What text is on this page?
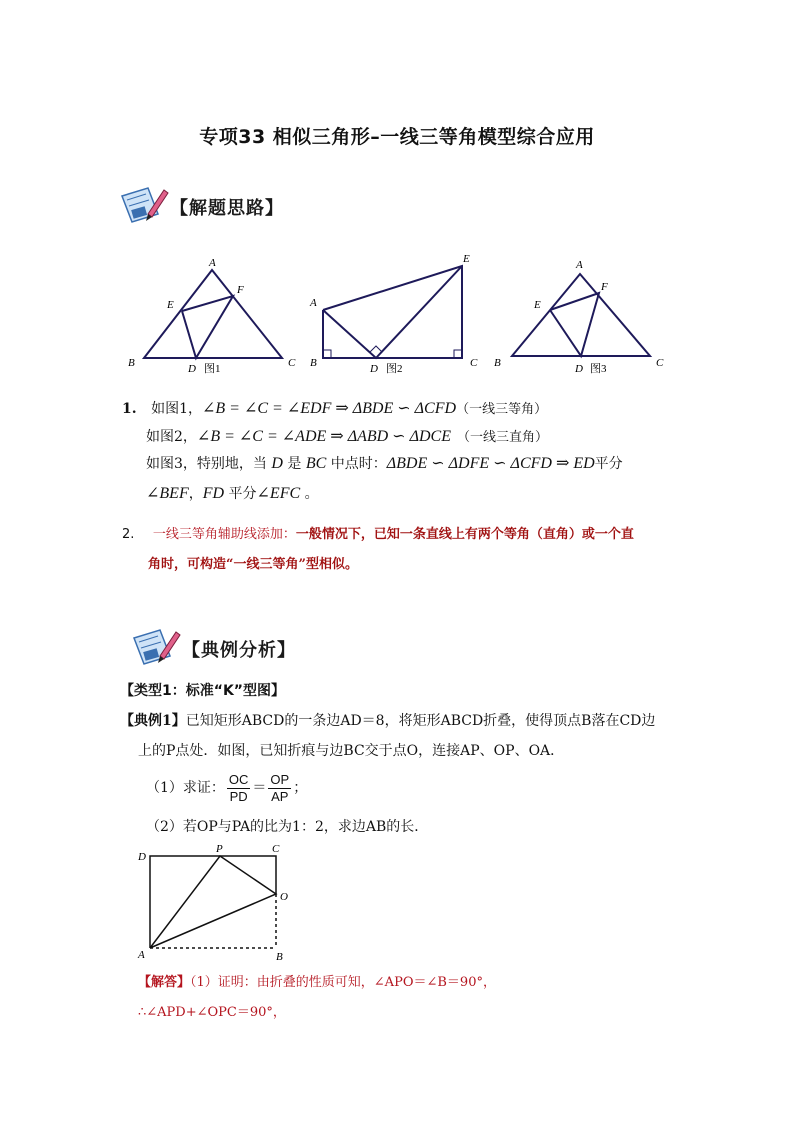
专项33 相似三角形–一线三等角模型综合应用
【解题思路】
A
B	C
D
E
F
图1
A
B	C
D
E
图2
A
B	C
D
E
F
图3
1. 如图1，∠B = ∠C = ∠EDF ⇒ ΔBDE ∽ ΔCFD（一线三等角）
如图2，∠B = ∠C = ∠ADE ⇒ ΔABD ∽ ΔDCE （一线三直角）
如图3，特别地，当 D 是 BC 中点时：ΔBDE ∽ ΔDFE ∽ ΔCFD ⇒ ED平分
∠BEF，FD 平分∠EFC 。
2. 一线三等角辅助线添加：一般情况下，已知一条直线上有两个等角（直角）或一个直
角时，可构造“一线三等角”型相似。
【典例分析】
【类型1：标准“K”型图】
【典例1】已知矩形ABCD的一条边AD＝8，将矩形ABCD折叠，使得顶点B落在CD边
上的P点处．如图，已知折痕与边BC交于点O，连接AP、OP、OA．
（1）求证： $\frac{OC}{PD} = \frac{OP}{AP}$ ；
（2）若OP与PA的比为1：2，求边AB的长．
D
P	C
O
A	B
【解答】（1）证明：由折叠的性质可知，∠APO＝∠B＝90°，
∴∠APD+∠OPC＝90°，
